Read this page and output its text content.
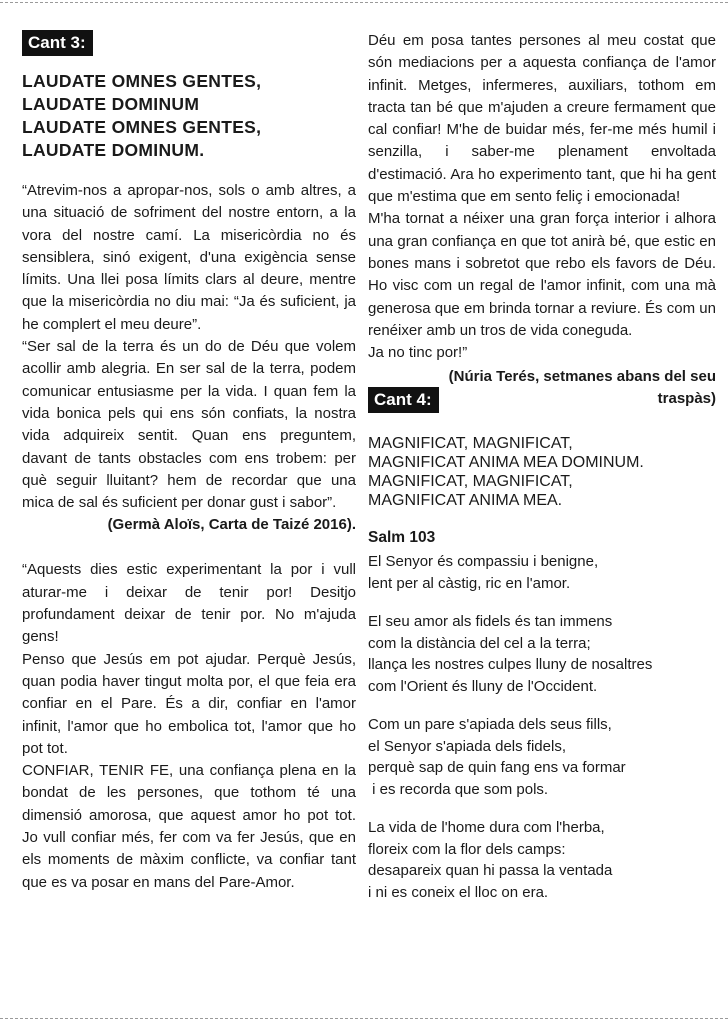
Cant 3:
LAUDATE OMNES GENTES,
LAUDATE DOMINUM
LAUDATE OMNES GENTES,
LAUDATE DOMINUM.

“Atrevim-nos a apropar-nos, sols o amb altres, a una situació de sofriment del nostre entorn, a la vora del nostre camí. La misericòrdia no és sensiblera, sinó exigent, d'una exigència sense límits. Una llei posa límits clars al deure, mentre que la misericòrdia no diu mai: “Ja és suficient, ja he complert el meu deure”.

“Ser sal de la terra és un do de Déu que volem acollir amb alegria. En ser sal de la terra, podem comunicar entusiasme per la vida. I quan fem la vida bonica pels qui ens són confiats, la nostra vida adquireix sentit. Quan ens preguntem, davant de tants obstacles com ens trobem: per què seguir lluitant? hem de recordar que una mica de sal és suficient per donar gust i sabor”.

(Germà Aloïs, Carta de Taizé 2016).

“Aquests dies estic experimentant la por i vull aturar-me i deixar de tenir por! Desitjo profundament deixar de tenir por. No m'ajuda gens!

Penso que Jesús em pot ajudar. Perquè Jesús, quan podia haver tingut molta por, el que feia era confiar en el Pare. És a dir, confiar en l'amor infinit, l'amor que ho embolica tot, l'amor que ho pot tot.

CONFIAR, TENIR FE, una confiança plena en la bondat de les persones, que tothom té una dimensió amorosa, que aquest amor ho pot tot. Jo vull confiar més, fer com va fer Jesús, que en els moments de màxim conflicte, va confiar tant que es va posar en mans del Pare-Amor.

Déu em posa tantes persones al meu costat que són mediacions per a aquesta confiança de l'amor infinit. Metges, infermeres, auxiliars, tothom em tracta tan bé que m'ajuden a creure fermament que cal confiar! M'he de buidar més, fer-me més humil i senzilla, i saber-me plenament envoltada d'estimació. Ara ho experimento tant, que hi ha gent que m'estima que em sento feliç i emocionada!

M'ha tornat a néixer una gran força interior i alhora una gran confiança en que tot anirà bé, que estic en bones mans i sobretot que rebo els favors de Déu. Ho visc com un regal de l'amor infinit, com una mà generosa que em brinda tornar a reviure. És com un renéixer amb un tros de vida coneguda.

Ja no tinc por!”

(Núria Terés, setmanes abans del seu
traspàs)
Cant 4:
MAGNIFICAT, MAGNIFICAT,
MAGNIFICAT ANIMA MEA DOMINUM.
MAGNIFICAT, MAGNIFICAT,
MAGNIFICAT ANIMA MEA.
Salm 103
El Senyor és compassiu i benigne,
lent per al càstig, ric en l'amor.
El seu amor als fidels és tan immens
com la distància del cel a la terra;
llança les nostres culpes lluny de nosaltres
com l'Orient és lluny de l'Occident.
Com un pare s'apiada dels seus fills,
el Senyor s'apiada dels fidels,
perquè sap de quin fang ens va formar
i es recorda que som pols.
La vida de l'home dura com l'herba,
floreix com la flor dels camps:
desapareix quan hi passa la ventada
i ni es coneix el lloc on era.
